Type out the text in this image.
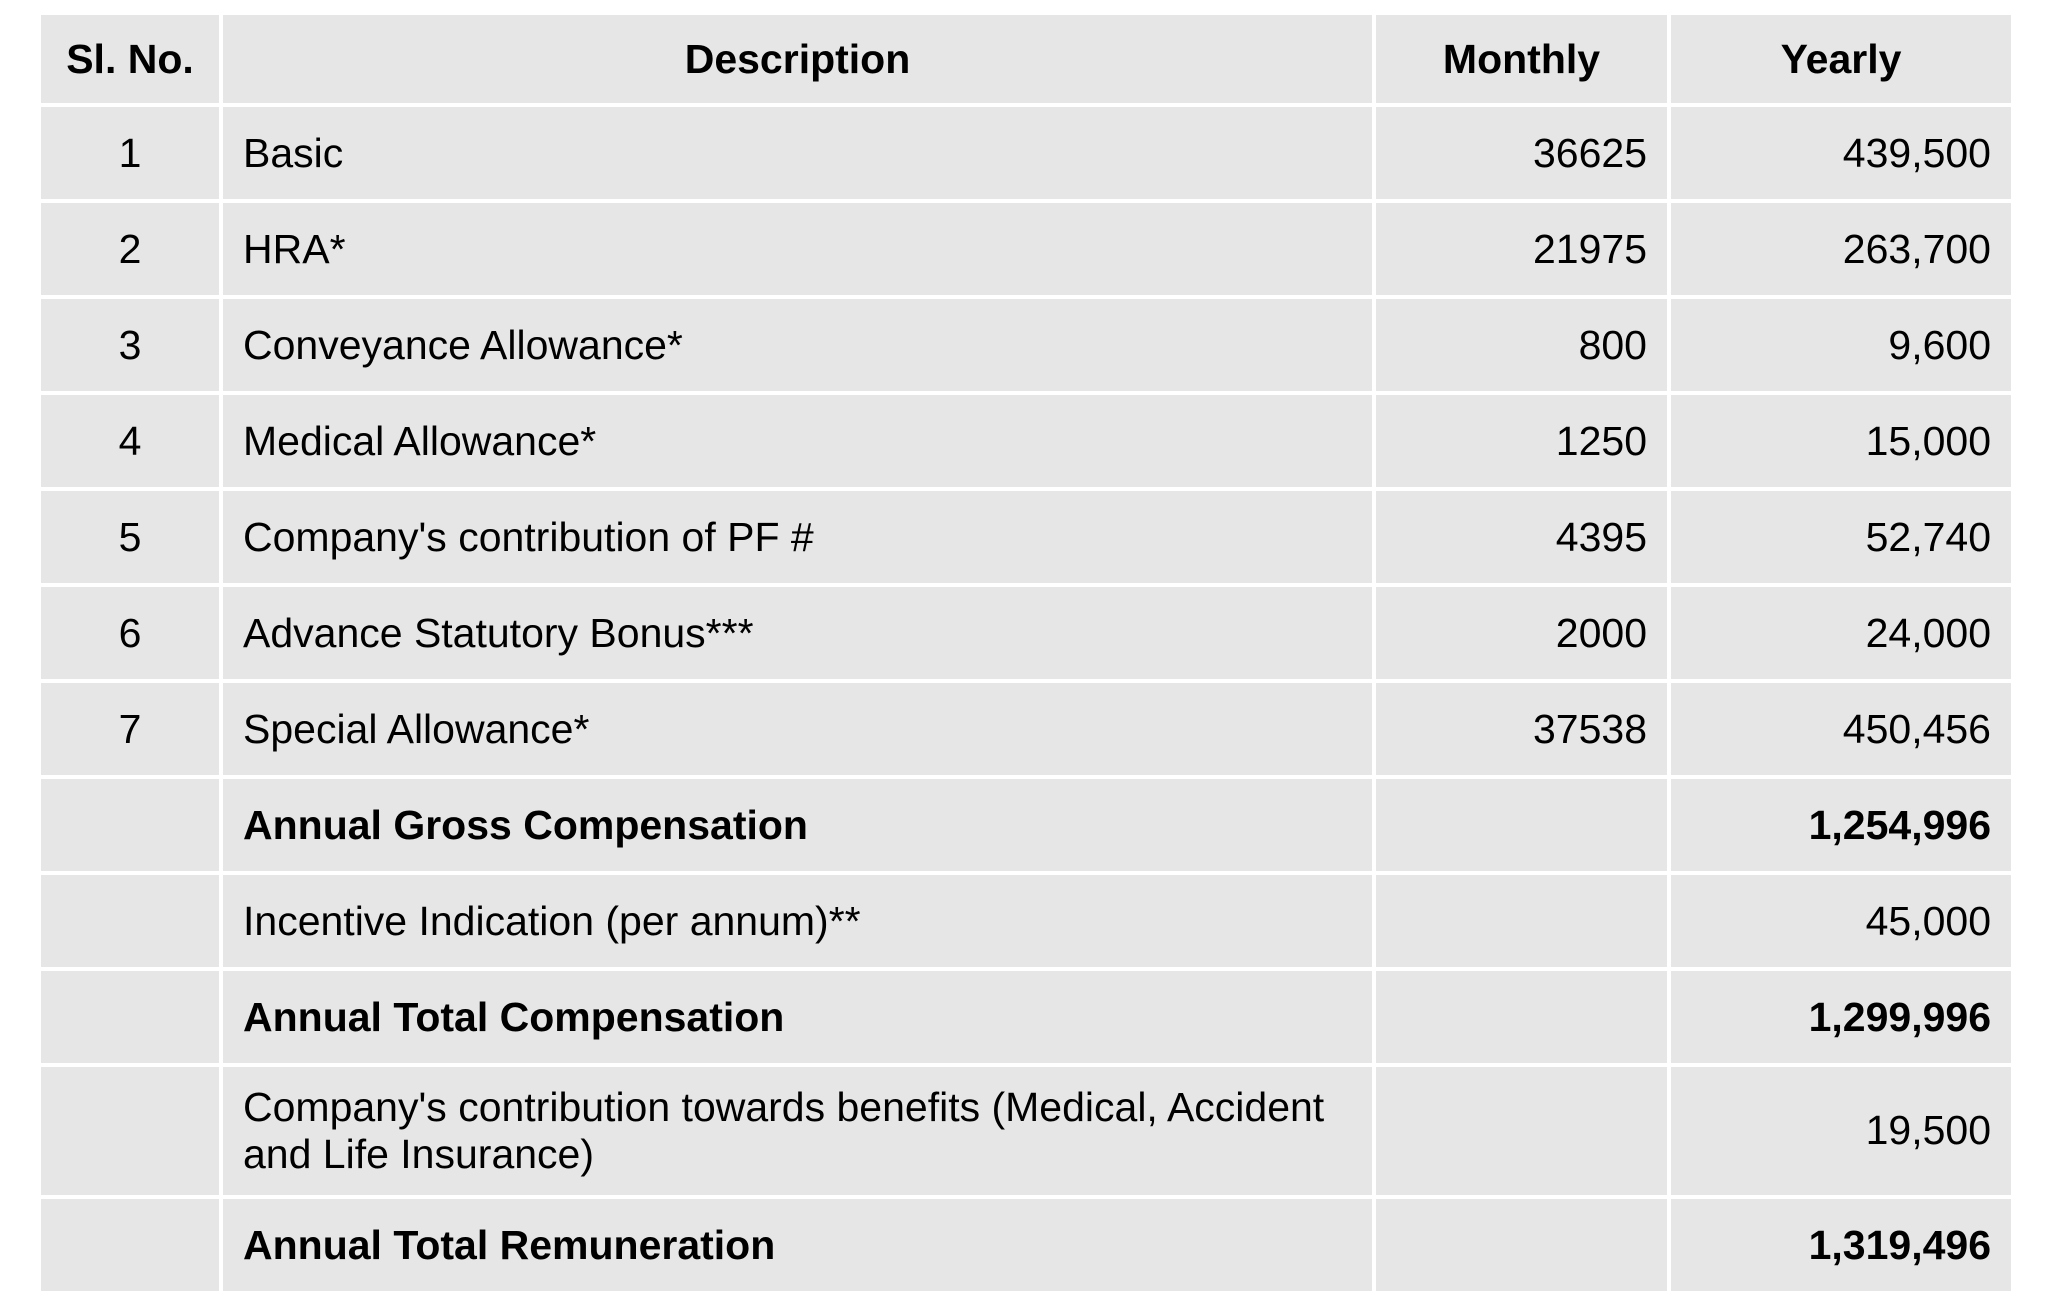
Sl. No.	Description	Monthly	Yearly
1	Basic	36625	439,500
2	HRA*	21975	263,700
3	Conveyance Allowance*	800	9,600
4	Medical Allowance*	1250	15,000
5	Company's contribution of PF #	4395	52,740
6	Advance Statutory Bonus***	2000	24,000
7	Special Allowance*	37538	450,456
	Annual Gross Compensation		1,254,996
	Incentive Indication (per annum)**		45,000
	Annual Total Compensation		1,299,996
	Company's contribution towards benefits (Medical, Accident and Life Insurance)		19,500
	Annual Total Remuneration		1,319,496
